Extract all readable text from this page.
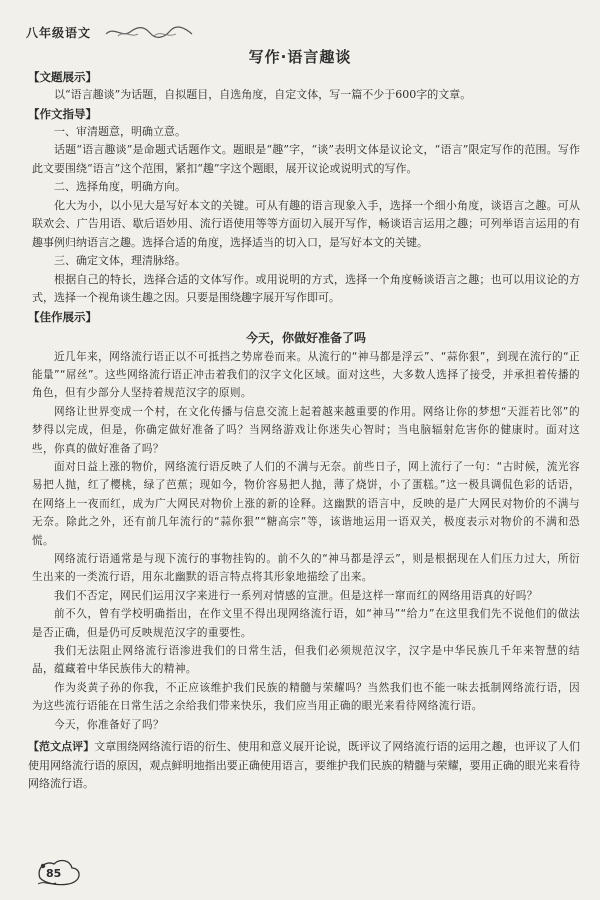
八年级语文
写作·语言趣谈
【文题展示】

以“语言趣谈”为话题，自拟题目，自选角度，自定文体，写一篇不少于600字的文章。

【作文指导】

一、审清题意，明确立意。

话题“语言趣谈”是命题式话题作文。题眼是“趣”字，“谈”表明文体是议论文，“语言”限定写作的范围。写作此文要围绕“语言”这个范围，紧扣“趣”字这个题眼，展开议论或说明式的写作。

二、选择角度，明确方向。

化大为小，以小见大是写好本文的关键。可从有趣的语言现象入手，选择一个细小角度，谈语言之趣。可从联欢会、广告用语、歇后语妙用、流行语使用等等方面切入展开写作，畅谈语言运用之趣；可列举语言运用的有趣事例归纳语言之趣。选择合适的角度，选择适当的切入口，是写好本文的关键。

三、确定文体，理清脉络。

根据自己的特长，选择合适的文体写作。或用说明的方式，选择一个角度畅谈语言之趣；也可以用议论的方式，选择一个视角谈生趣之因。只要是围绕趣字展开写作即可。

【佳作展示】
今天，你做好准备了吗

近几年来，网络流行语正以不可抵挡之势席卷而来。从流行的“神马都是浮云”、“蒜你狠”，到现在流行的“正能量”“屌丝”。这些网络流行语正冲击着我们的汉字文化区域。面对这些，大多数人选择了接受，并承担着传播的角色，但有少部分人坚持着规范汉字的原则。

网络让世界变成一个村，在文化传播与信息交流上起着越来越重要的作用。网络让你的梦想“天涯若比邻”的梦得以完成，但是，你确定做好准备了吗？当网络游戏让你迷失心智时；当电脑辐射危害你的健康时。面对这些，你真的做好准备了吗？

面对日益上涨的物价，网络流行语反映了人们的不满与无奈。前些日子，网上流行了一句：“古时候，流光容易把人抛，红了樱桃，绿了芭蕉；现如今，物价容易把人抛，薄了烧饼，小了蛋糕。”这一极具调侃色彩的话语，在网络上一夜而红，成为广大网民对物价上涨的新的诠释。这幽默的语言中，反映的是广大网民对物价的不满与无奈。除此之外，还有前几年流行的“蒜你狠”“糖高宗”等，该谐地运用一语双关，极度表示对物价的不满和恐慌。

网络流行语通常是与现下流行的事物挂钩的。前不久的“神马都是浮云”，则是根据现在人们压力过大，所衍生出来的一类流行语，用东北幽默的语言特点将其形象地描绘了出来。

我们不否定，网民们运用汉字来进行一系列对情感的宣泄。但是这样一窜而红的网络用语真的好吗？

前不久，曾有学校明确指出，在作文里不得出现网络流行语，如“神马”“给力”在这里我们先不说他们的做法是否正确，但是仍可反映规范汉字的重要性。

我们无法阻止网络流行语渗进我们的日常生活，但我们必须规范汉字，汉字是中华民族几千年来智慧的结晶，蕴藏着中华民族伟大的精神。

作为炎黄子孙的你我，不正应该维护我们民族的精髓与荣耀吗？当然我们也不能一味去抵制网络流行语，因为这些流行语能在日常生活之余给我们带来快乐，我们应当用正确的眼光来看待网络流行语。

今天，你准备好了吗？

【范文点评】文章围绕网络流行语的衍生、使用和意义展开论说，既评议了网络流行语的运用之趣，也评议了人们使用网络流行语的原因，观点鲜明地指出要正确使用语言，要维护我们民族的精髓与荣耀，要用正确的眼光来看待网络流行语。
85
